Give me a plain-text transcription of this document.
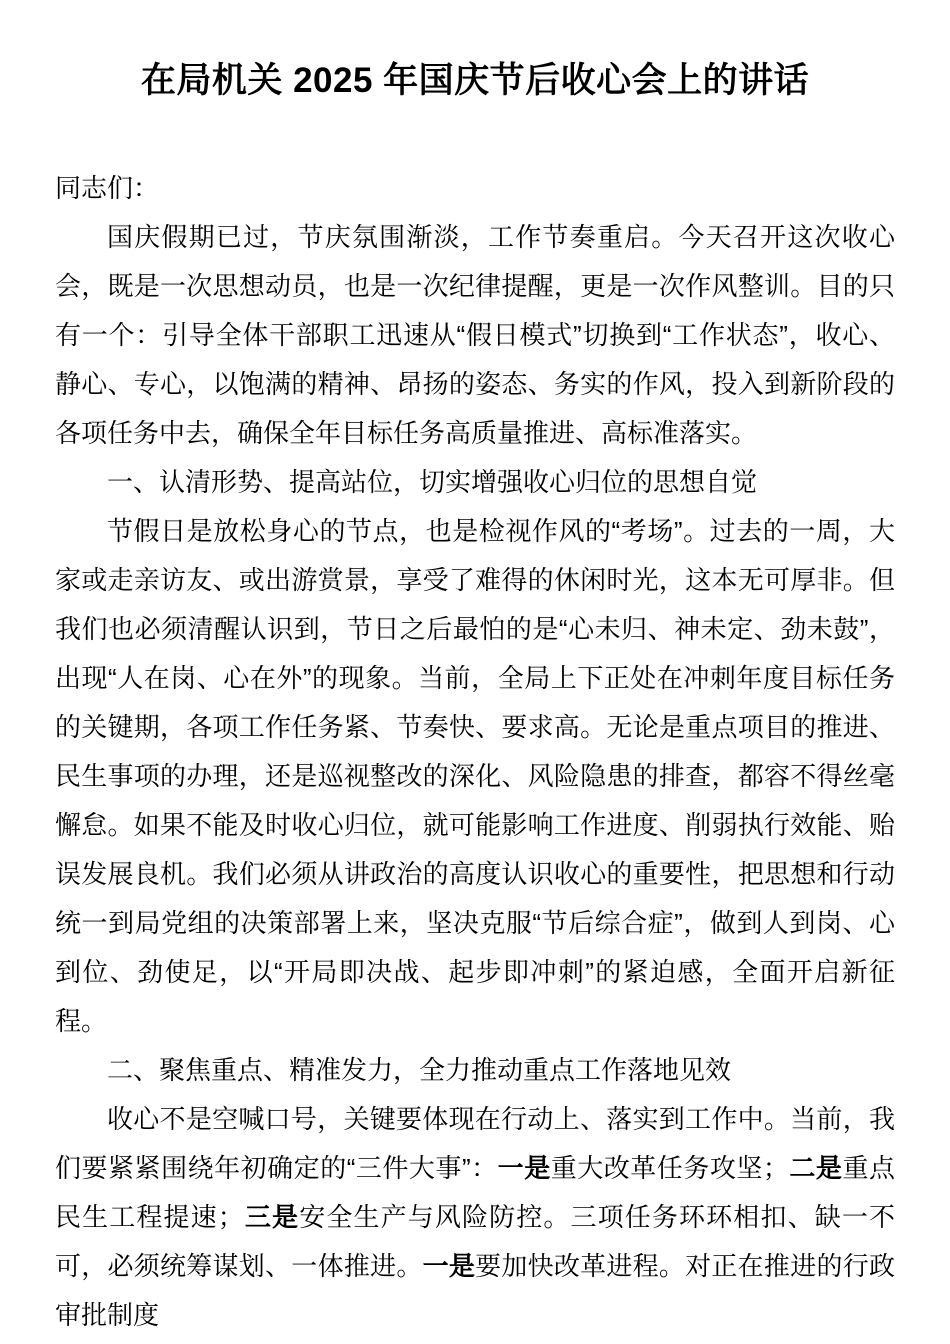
在局机关 2025 年国庆节后收心会上的讲话

同志们：

国庆假期已过，节庆氛围渐淡，工作节奏重启。今天召开这次收心会，既是一次思想动员，也是一次纪律提醒，更是一次作风整训。目的只有一个：引导全体干部职工迅速从“假日模式”切换到“工作状态”，收心、静心、专心，以饱满的精神、昂扬的姿态、务实的作风，投入到新阶段的各项任务中去，确保全年目标任务高质量推进、高标准落实。

一、认清形势、提高站位，切实增强收心归位的思想自觉

节假日是放松身心的节点，也是检视作风的“考场”。过去的一周，大家或走亲访友、或出游赏景，享受了难得的休闲时光，这本无可厚非。但我们也必须清醒认识到，节日之后最怕的是“心未归、神未定、劲未鼓”，出现“人在岗、心在外”的现象。当前，全局上下正处在冲刺年度目标任务的关键期，各项工作任务紧、节奏快、要求高。无论是重点项目的推进、民生事项的办理，还是巡视整改的深化、风险隐患的排查，都容不得丝毫懈怠。如果不能及时收心归位，就可能影响工作进度、削弱执行效能、贻误发展良机。我们必须从讲政治的高度认识收心的重要性，把思想和行动统一到局党组的决策部署上来，坚决克服“节后综合症”，做到人到岗、心到位、劲使足，以“开局即决战、起步即冲刺”的紧迫感，全面开启新征程。

二、聚焦重点、精准发力，全力推动重点工作落地见效

收心不是空喊口号，关键要体现在行动上、落实到工作中。当前，我们要紧紧围绕年初确定的“三件大事”：一是重大改革任务攻坚；二是重点民生工程提速；三是安全生产与风险防控。三项任务环环相扣、缺一不可，必须统筹谋划、一体推进。一是要加快改革进程。对正在推进的行政审批制度
